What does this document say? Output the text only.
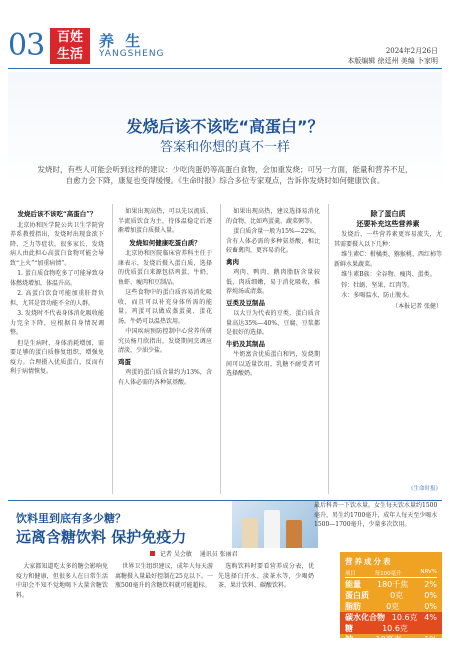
03 百姓
生活
养 生
YANGSHENG	2024年2月26日
本版编辑 徐廷州 美编 卜家明
发烧后该不该吃“高蛋白”？
答案和你想的真不一样
发烧时，有些人可能会听到这样的建议：少吃肉蛋奶等高蛋白食物，会加重发烧；可另一方面，能量和营养不足，自愈力会下降，康复也变得缓慢。《生命时报》综合多位专家观点，告诉你发烧时如何健康饮食。

发烧后该不该吃“高蛋白”？

北京协和医学院公共卫生学院营养系教授指出，发烧时出现食欲下降、乏力等症状，很多家长、发烧病人由此担心高蛋白食物可能会导致“上火”“加重病情”。

1. 蛋白质食物吃多了可能导致身体燃烧增加，体温升高。

2. 高蛋白饮食可能加重肝肾负担，尤其是肾功能不全的人群。

3. 发烧时不代表身体消化吸收能力完全下降，应根据自身情况调整。

但是生病时，身体消耗增加，需要足够的蛋白质修复组织，增强免疫力。合理摄入优质蛋白，反而有利于病情恢复。

如果出现高热，可以先以流质、半流质饮食为主，待体温稳定后逐渐增加蛋白质摄入量。

发烧如何健康吃蛋白质？

北京协和医院临床营养科主任于康表示，发烧后摄入蛋白质，选择的优质蛋白来源包括鸡蛋、牛奶、鱼虾、瘦肉和豆制品。

这些食物中的蛋白质容易消化吸收，而且可以补充身体所需的能量。鸡蛋可以做成蒸蛋羹、蛋花汤，牛奶可以温热饮用。

中国疾病预防控制中心营养所研究员杨月欣指出，发烧期间烹调应清淡，少油少盐。

鸡蛋

鸡蛋的蛋白质含量约为13%，含有人体必需的各种氨基酸。

如果出现高热，建议选择易消化的食物，比如鸡蛋羹、蔬菜粥等。

蛋白质含量一般为15%—22%，含有人体必需的多种氨基酸，相比较畜禽肉，更容易消化。

禽肉

鸡肉、鸭肉、鹅肉脂肪含量较低，肉质细嫩，易于消化吸收，推荐炖汤或清蒸。

豆类及豆制品

以大豆为代表的豆类，蛋白质含量高达35%—40%，豆腐、豆浆都是很好的选择。

牛奶及其制品

牛奶富含优质蛋白和钙，发烧期间可以适量饮用，乳糖不耐受者可选择酸奶。

除了蛋白质
还要补充这些营养素

发烧后，一些营养素更容易流失，尤其需要摄入以下几种：

维生素C：柑橘类、猕猴桃、西红柿等新鲜水果蔬菜。

维生素B族：全谷物、瘦肉、蛋类。

锌：牡蛎、坚果、红肉等。

水：多喝温水，防止脱水。

（本报记者 张健）

《生命时报》
饮料里到底有多少糖？
远离含糖饮料 保护免疫力
记者 吴会敏 通讯员 张丽君
最后科普一下饮水量。女生每天饮水量约1500毫升，男生约1700毫升，成年人每天至少喝水1500—1700毫升，少量多次饮用。

大家都知道吃太多的糖会影响免疫力和健康，但很多人在日常生活中却会不知不觉地喝下大量含糖饮料。

世界卫生组织建议，成年人每天游离糖摄入量最好控制在25克以下。一瓶500毫升的含糖饮料就可能超标。

选购饮料时要看营养成分表，优先选择白开水、淡茶水等，少喝奶茶、果汁饮料、碳酸饮料。

营养成分表
项目	每100毫升	NRV%
能量 180千焦 2%
蛋白质	0克	0%
脂肪	0克	0%
碳水化合物 10.6克 4%
糖	10.6克
钠	10毫克	1%
